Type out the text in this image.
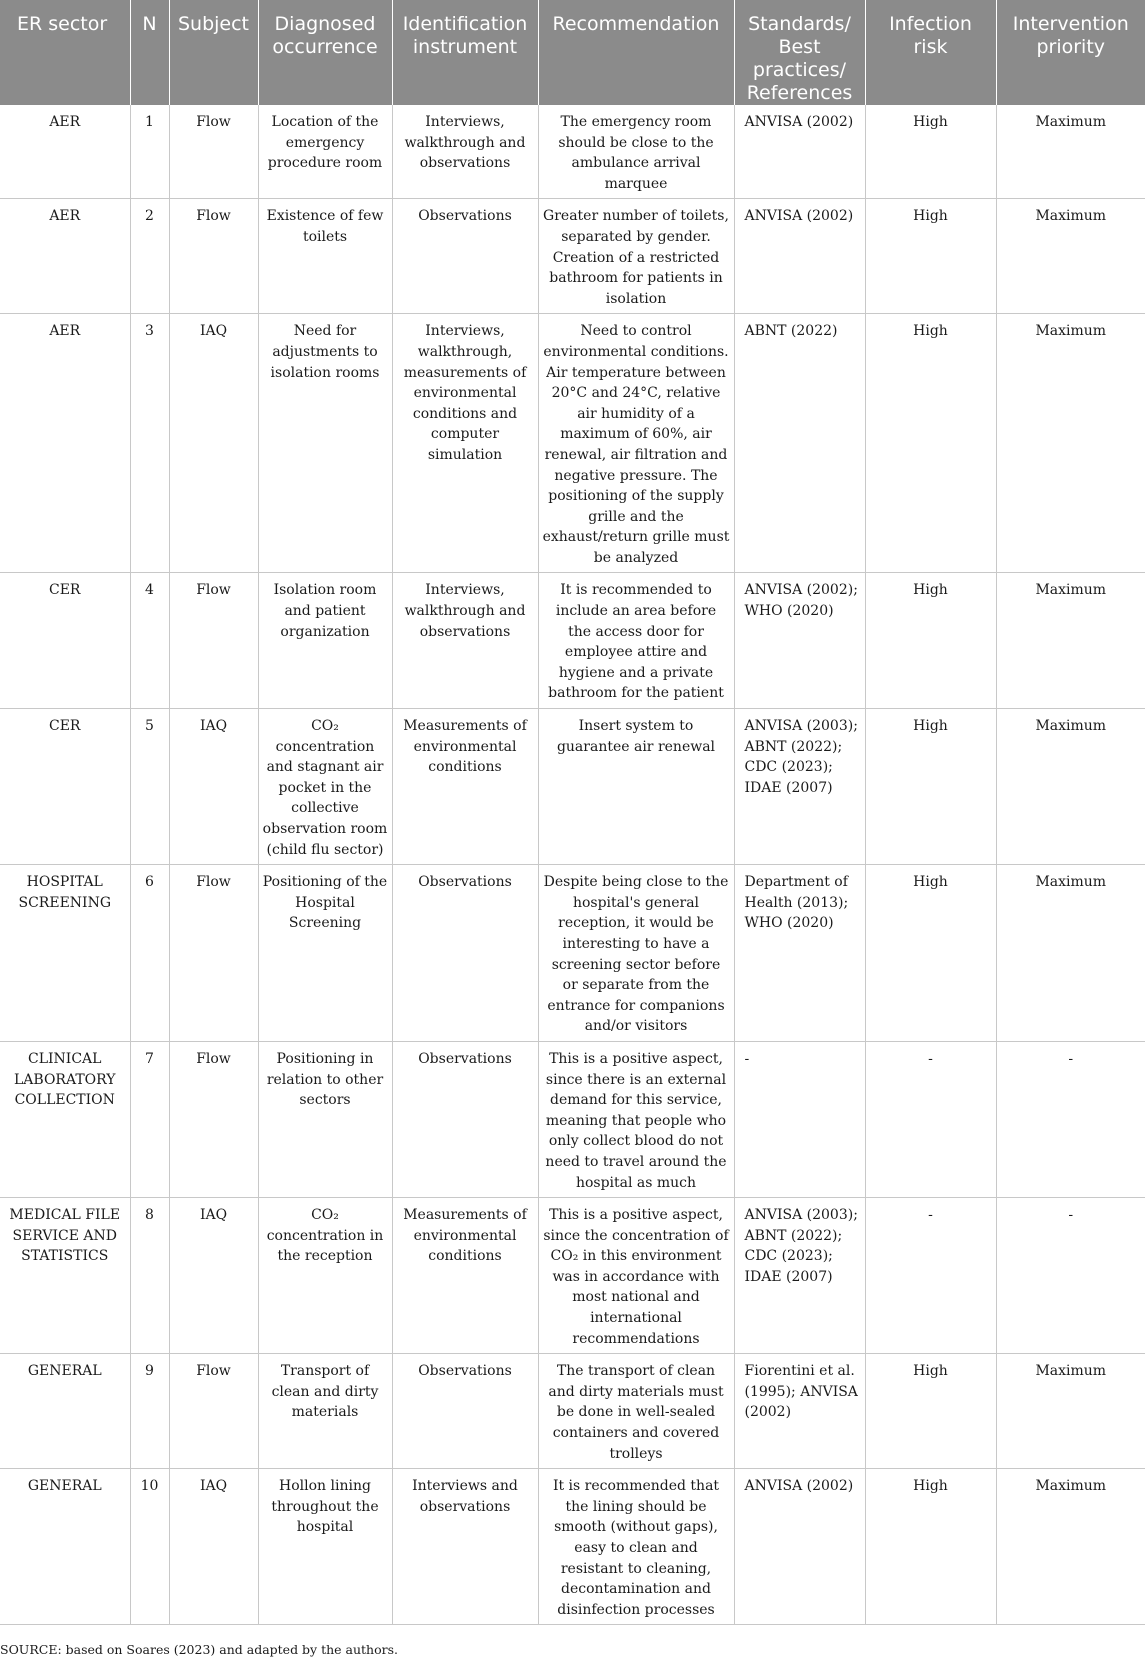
ER sector	N	Subject	Diagnosed occurrence	Identification instrument	Recommendation	Standards/ Best practices/ References	Infection risk	Intervention priority
AER	1	Flow	Location of the emergency procedure room	Interviews, walkthrough and observations	The emergency room should be close to the ambulance arrival marquee	ANVISA (2002)	High	Maximum
AER	2	Flow	Existence of few toilets	Observations	Greater number of toilets, separated by gender. Creation of a restricted bathroom for patients in isolation	ANVISA (2002)	High	Maximum
AER	3	IAQ	Need for adjustments to isolation rooms	Interviews, walkthrough, measurements of environmental conditions and computer simulation	Need to control environmental conditions. Air temperature between 20°C and 24°C, relative air humidity of a maximum of 60%, air renewal, air filtration and negative pressure. The positioning of the supply grille and the exhaust/return grille must be analyzed	ABNT (2022)	High	Maximum
CER	4	Flow	Isolation room and patient organization	Interviews, walkthrough and observations	It is recommended to include an area before the access door for employee attire and hygiene and a private bathroom for the patient	ANVISA (2002); WHO (2020)	High	Maximum
CER	5	IAQ	CO₂ concentration and stagnant air pocket in the collective observation room (child flu sector)	Measurements of environmental conditions	Insert system to guarantee air renewal	ANVISA (2003); ABNT (2022); CDC (2023); IDAE (2007)	High	Maximum
HOSPITAL SCREENING	6	Flow	Positioning of the Hospital Screening	Observations	Despite being close to the hospital's general reception, it would be interesting to have a screening sector before or separate from the entrance for companions and/or visitors	Department of Health (2013); WHO (2020)	High	Maximum
CLINICAL LABORATORY COLLECTION	7	Flow	Positioning in relation to other sectors	Observations	This is a positive aspect, since there is an external demand for this service, meaning that people who only collect blood do not need to travel around the hospital as much	-	-	-
MEDICAL FILE SERVICE AND STATISTICS	8	IAQ	CO₂ concentration in the reception	Measurements of environmental conditions	This is a positive aspect, since the concentration of CO₂ in this environment was in accordance with most national and international recommendations	ANVISA (2003); ABNT (2022); CDC (2023); IDAE (2007)	-	-
GENERAL	9	Flow	Transport of clean and dirty materials	Observations	The transport of clean and dirty materials must be done in well-sealed containers and covered trolleys	Fiorentini et al. (1995); ANVISA (2002)	High	Maximum
GENERAL	10	IAQ	Hollon lining throughout the hospital	Interviews and observations	It is recommended that the lining should be smooth (without gaps), easy to clean and resistant to cleaning, decontamination and disinfection processes	ANVISA (2002)	High	Maximum
SOURCE: based on Soares (2023) and adapted by the authors.
